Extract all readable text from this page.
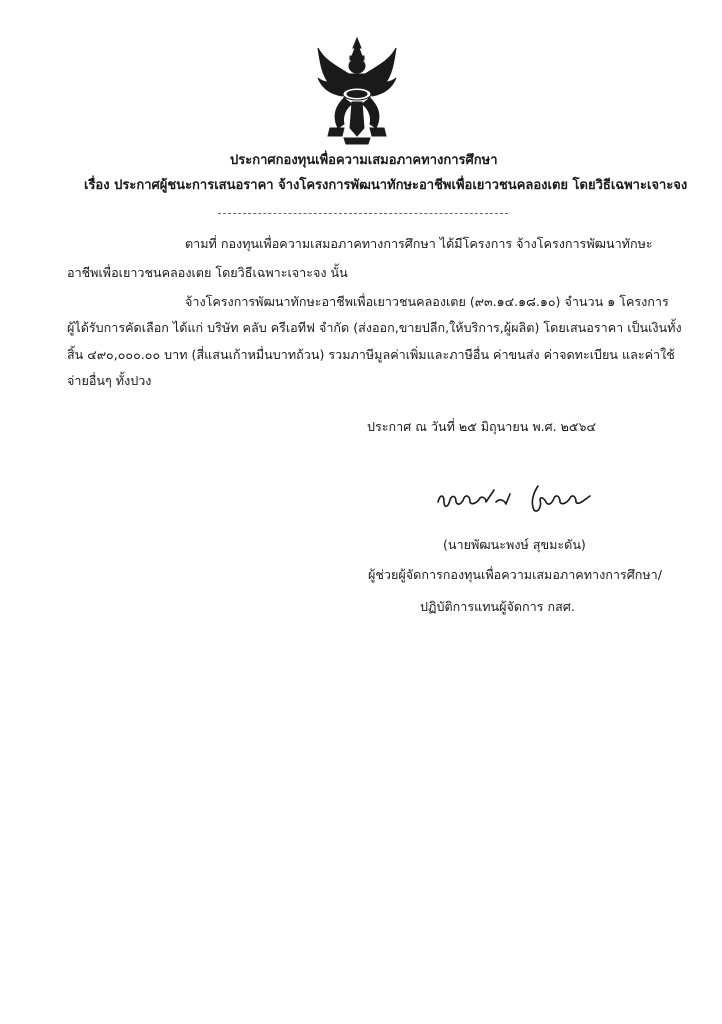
ประกาศกองทุนเพื่อความเสมอภาคทางการศึกษา
เรื่อง ประกาศผู้ชนะการเสนอราคา จ้างโครงการพัฒนาทักษะอาชีพเพื่อเยาวชนคลองเตย โดยวิธีเฉพาะเจาะจง
ตามที่ กองทุนเพื่อความเสมอภาคทางการศึกษา ได้มีโครงการ จ้างโครงการพัฒนาทักษะ
อาชีพเพื่อเยาวชนคลองเตย โดยวิธีเฉพาะเจาะจง นั้น
จ้างโครงการพัฒนาทักษะอาชีพเพื่อเยาวชนคลองเตย (๙๓.๑๔.๑๘.๑๐) จำนวน ๑ โครงการ
ผู้ได้รับการคัดเลือก ได้แก่ บริษัท คลับ ครีเอทีฟ จำกัด (ส่งออก,ขายปลีก,ให้บริการ,ผู้ผลิต) โดยเสนอราคา เป็นเงินทั้ง
สิ้น ๔๙๐,๐๐๐.๐๐ บาท (สี่แสนเก้าหมื่นบาทถ้วน) รวมภาษีมูลค่าเพิ่มและภาษีอื่น ค่าขนส่ง ค่าจดทะเบียน และค่าใช้
จ่ายอื่นๆ ทั้งปวง
ประกาศ ณ วันที่ ๒๕ มิถุนายน พ.ศ. ๒๕๖๔
(นายพัฒนะพงษ์ สุขมะดัน)
ผู้ช่วยผู้จัดการกองทุนเพื่อความเสมอภาคทางการศึกษา/
ปฏิบัติการแทนผู้จัดการ กสศ.
